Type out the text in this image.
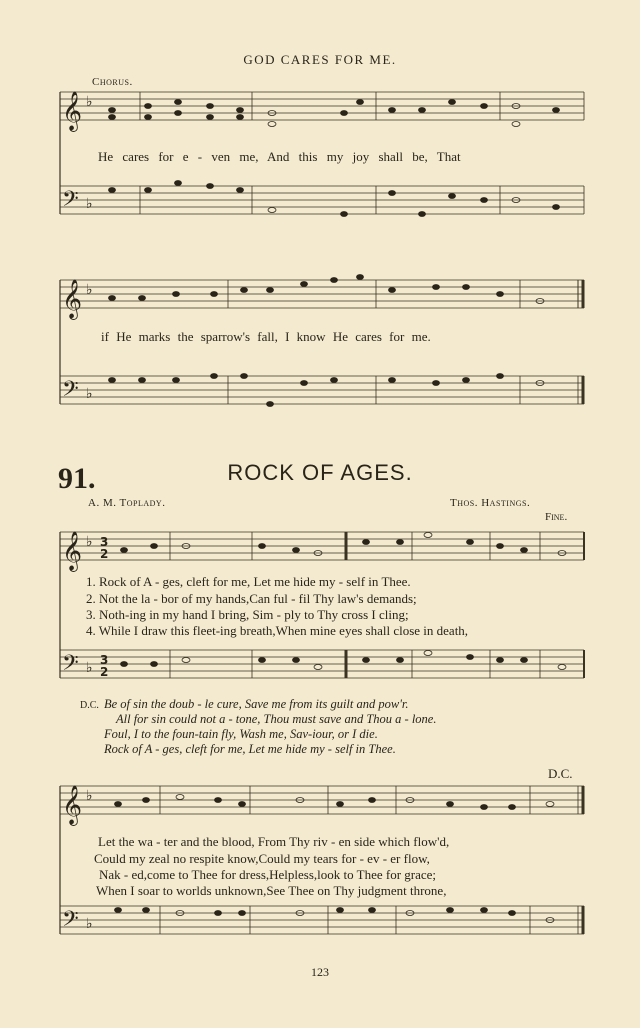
GOD CARES FOR ME.
Chorus.
𝄞
𝄢
𝄞
𝄢
𝄞
𝄢
𝄞
𝄢
♭
♭
♭
♭
♭
♭
♭
♭
3
2
3
2
He cares for e - ven me, And this my joy shall be, That
if He marks the sparrow's fall, I know He cares for me.
91.	ROCK OF AGES.
A. M. Toplady.	Thos. Hastings.
Fine.
1. Rock of A - ges, cleft for me, Let me hide my - self in Thee.
2. Not the la - bor of my hands,Can ful - fil Thy law's demands;
3. Noth-ing in my hand I bring, Sim - ply to Thy cross I cling;
4. While I draw this fleet-ing breath,When mine eyes shall close in death,
D.C. Be of sin the doub - le cure, Save me from its guilt and pow'r.
All for sin could not a - tone, Thou must save and Thou a - lone.
Foul, I to the foun-tain fly, Wash me, Sav-iour, or I die.
Rock of A - ges, cleft for me, Let me hide my - self in Thee.
D.C.
Let the wa - ter and the blood, From Thy riv - en side which flow'd,
Could my zeal no respite know,Could my tears for - ev - er flow,
Nak - ed,come to Thee for dress,Helpless,look to Thee for grace;
When I soar to worlds unknown,See Thee on Thy judgment throne,
123
